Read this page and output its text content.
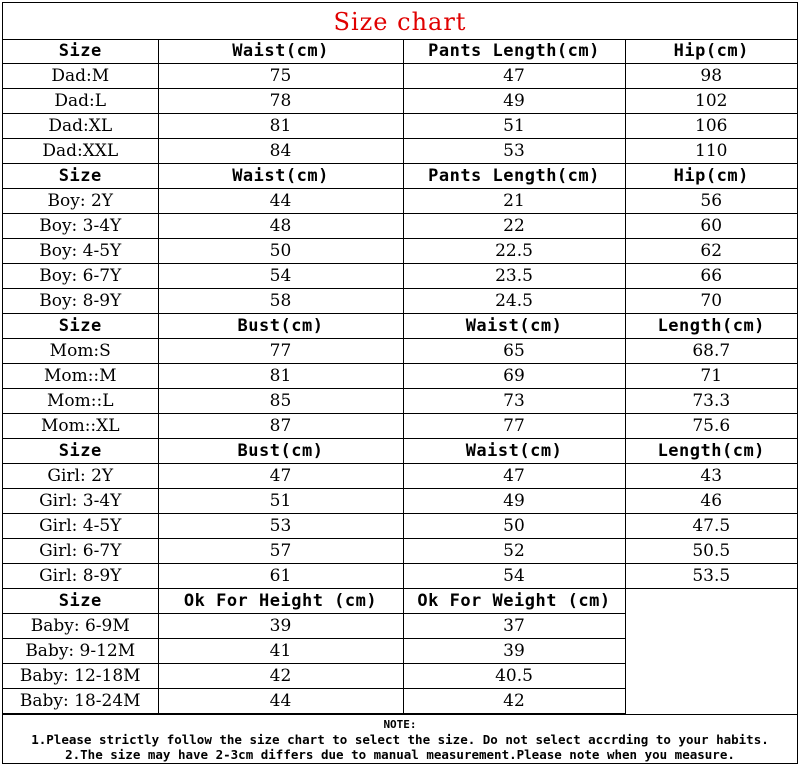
Size chart
Size	Waist(cm)	Pants Length(cm)	Hip(cm)
Dad:M	75	47	98
Dad:L	78	49	102
Dad:XL	81	51	106
Dad:XXL	84	53	110
Size	Waist(cm)	Pants Length(cm)	Hip(cm)
Boy: 2Y	44	21	56
Boy: 3-4Y	48	22	60
Boy: 4-5Y	50	22.5	62
Boy: 6-7Y	54	23.5	66
Boy: 8-9Y	58	24.5	70
Size	Bust(cm)	Waist(cm)	Length(cm)
Mom:S	77	65	68.7
Mom::M	81	69	71
Mom::L	85	73	73.3
Mom::XL	87	77	75.6
Size	Bust(cm)	Waist(cm)	Length(cm)
Girl: 2Y	47	47	43
Girl: 3-4Y	51	49	46
Girl: 4-5Y	53	50	47.5
Girl: 6-7Y	57	52	50.5
Girl: 8-9Y	61	54	53.5
Size	Ok For Height (cm)	Ok For Weight (cm)	
Baby: 6-9M	39	37	
Baby: 9-12M	41	39	
Baby: 12-18M	42	40.5	
Baby: 18-24M	44	42	
NOTE:
1.Please strictly follow the size chart to select the size. Do not select accrding to your habits.
2.The size may have 2-3cm differs due to manual measurement.Please note when you measure.
